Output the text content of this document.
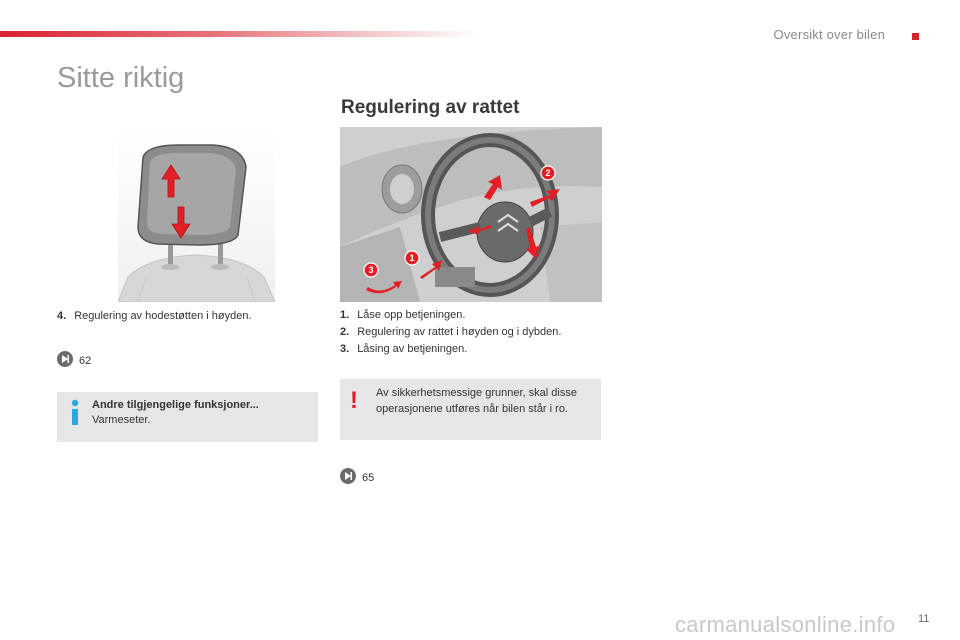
Oversikt over bilen
Sitte riktig
4. Regulering av hodestøtten i høyden.
62
Andre tilgjengelige funksjoner...
Varmeseter.
Regulering av rattet
2
1
3
1. Låse opp betjeningen.
2. Regulering av rattet i høyden og i dybden.
3. Låsing av betjeningen.
! Av sikkerhetsmessige grunner, skal disse operasjonene utføres når bilen står i ro.
65
carmanualsonline.info 11
